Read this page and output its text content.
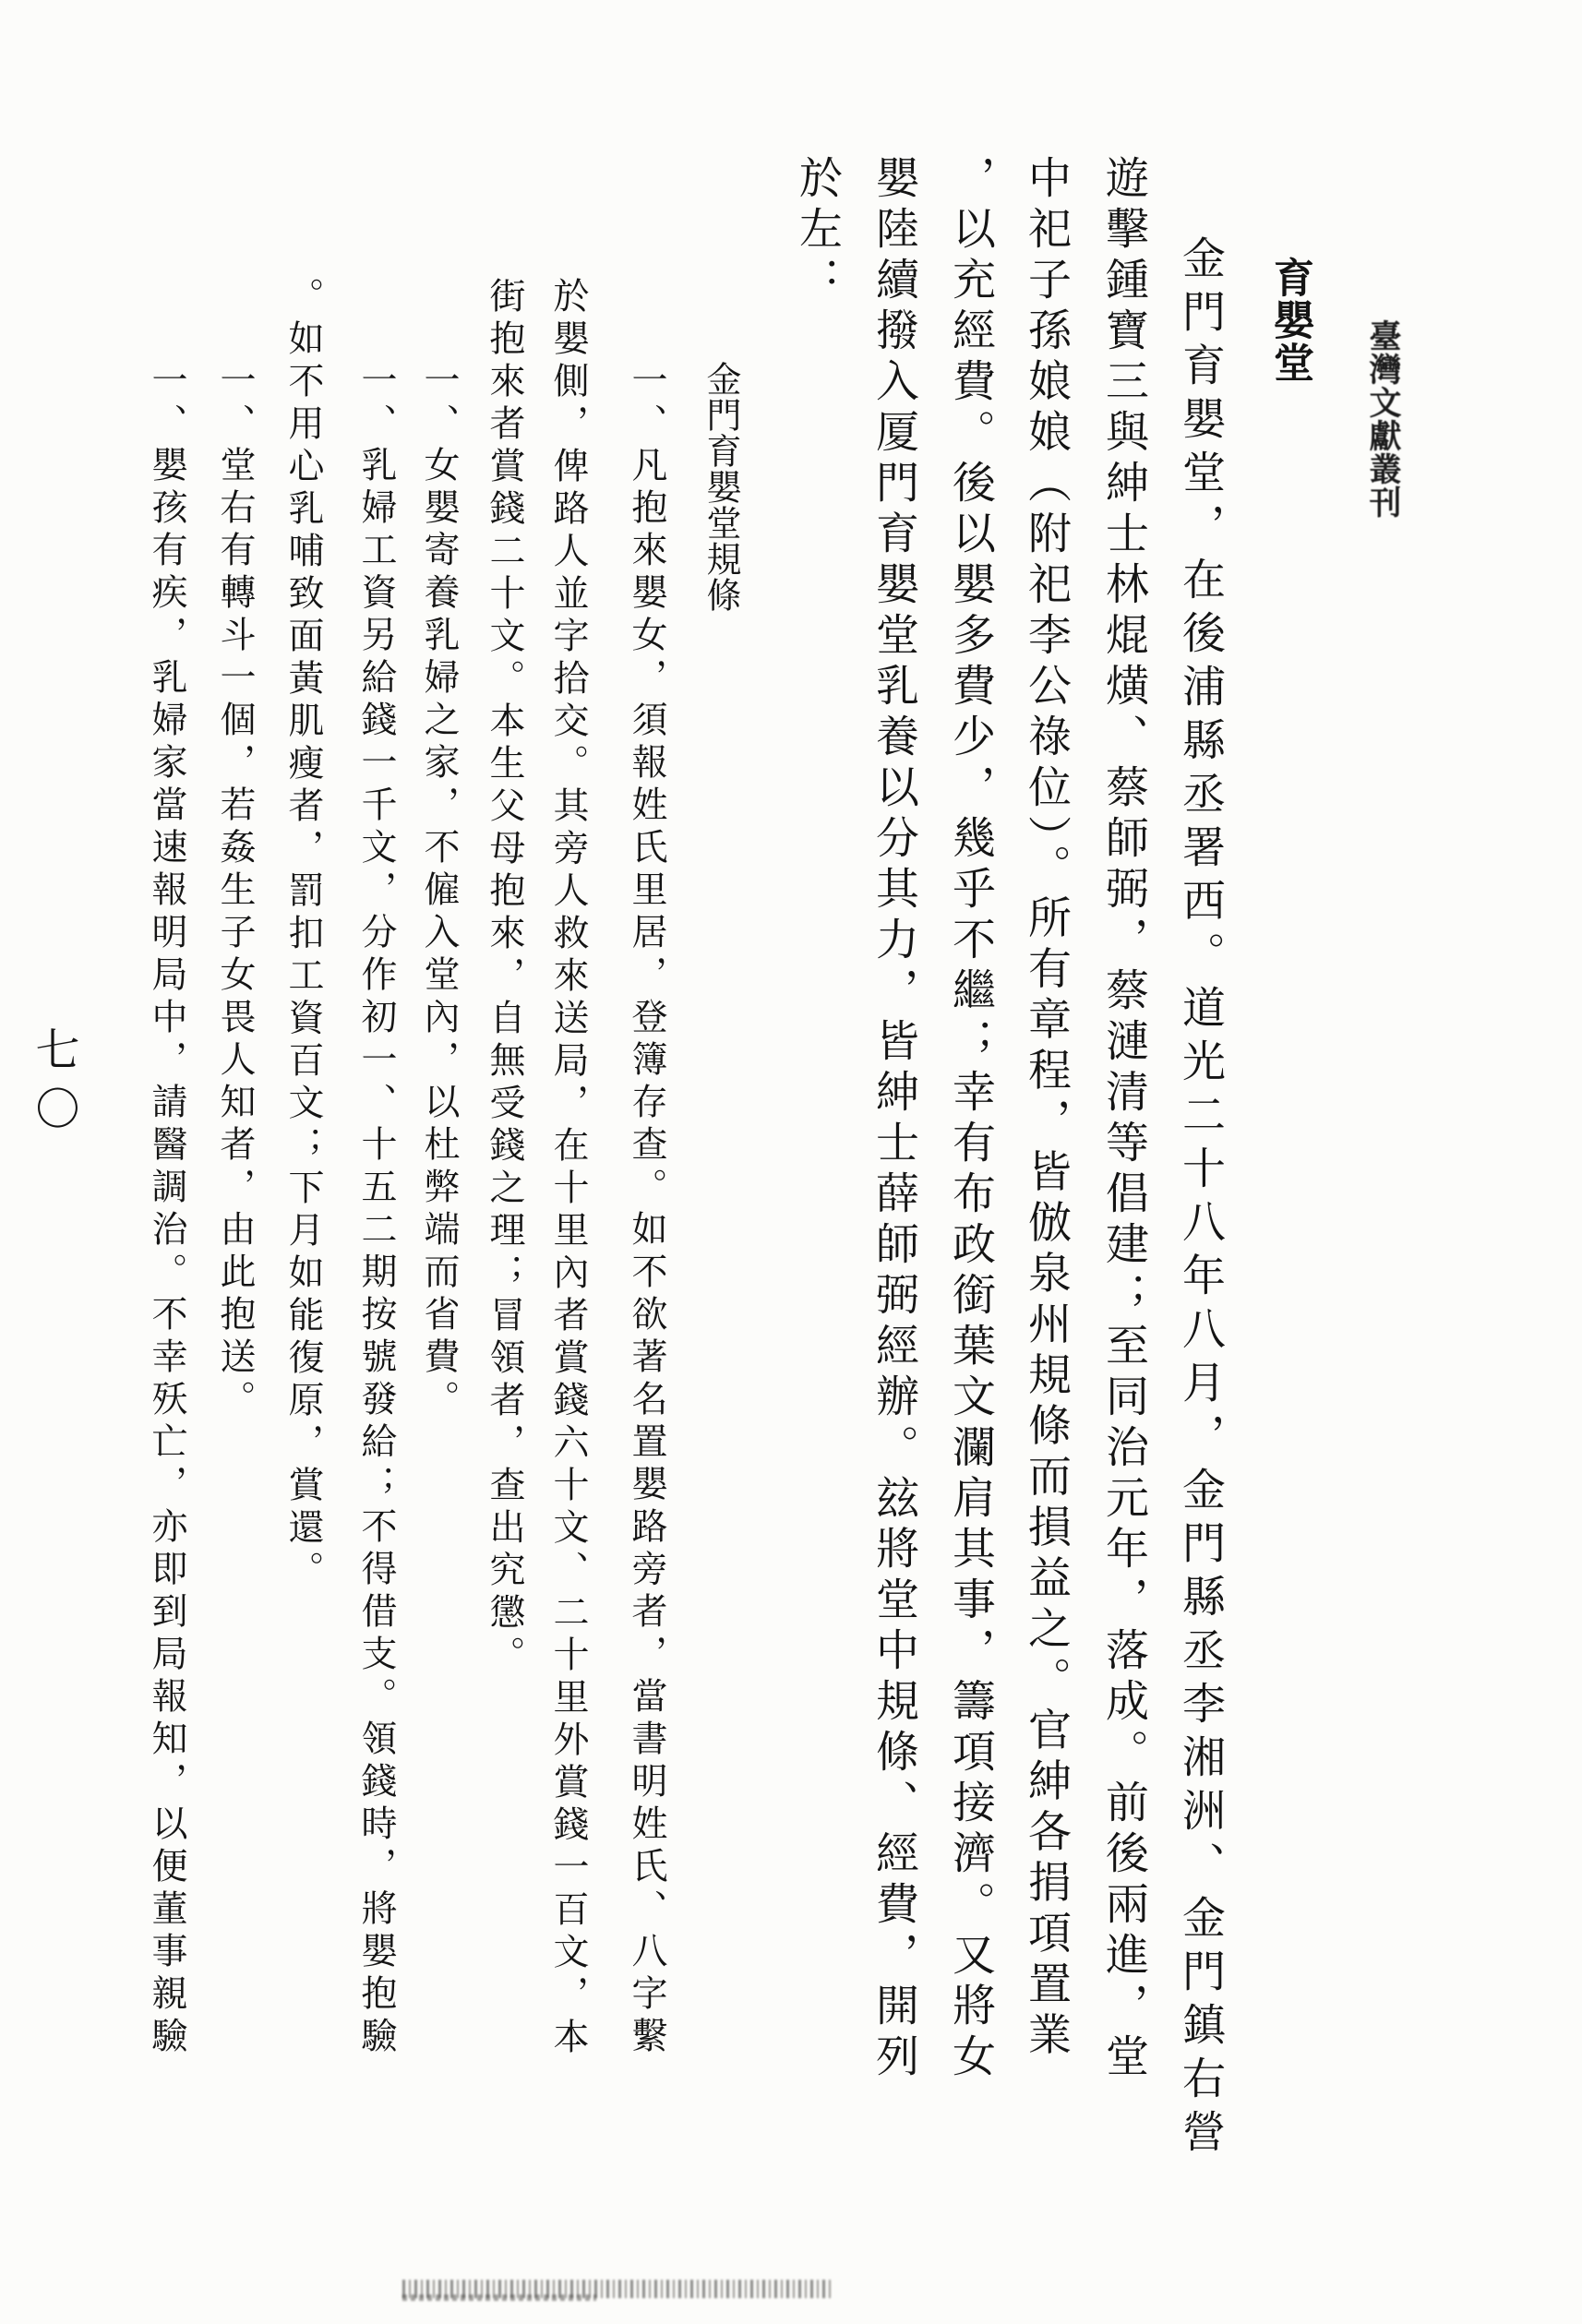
臺灣文獻叢刊
育嬰堂
金門育嬰堂，在後浦縣丞署西。道光二十八年八月，金門縣丞李湘洲、金門鎮右營
遊擊鍾寶三與紳士林焜熿、蔡師弼，蔡漣清等倡建；至同治元年，落成。前後兩進，堂
中祀子孫娘娘（附祀李公祿位）。所有章程，皆倣泉州規條而損益之。官紳各捐項置業
，以充經費。後以嬰多費少，幾乎不繼；幸有布政銜葉文瀾肩其事，籌項接濟。又將女
嬰陸續撥入厦門育嬰堂乳養以分其力，皆紳士薛師弼經辦。玆將堂中規條、經費，開列
於左：
金門育嬰堂規條
一、凡抱來嬰女，須報姓氏里居，登簿存查。如不欲著名置嬰路旁者，當書明姓氏、八字繫
於嬰側，俾路人並字拾交。其旁人救來送局，在十里內者賞錢六十文、二十里外賞錢一百文，本
街抱來者賞錢二十文。本生父母抱來，自無受錢之理；冒領者，查出究懲。
一、女嬰寄養乳婦之家，不僱入堂內，以杜弊端而省費。
一、乳婦工資另給錢一千文，分作初一、十五二期按號發給；不得借支。領錢時，將嬰抱驗
。如不用心乳哺致面黃肌瘦者，罰扣工資百文；下月如能復原，賞還。
一、堂右有轉斗一個，若姦生子女畏人知者，由此抱送。
一、嬰孩有疾，乳婦家當速報明局中，請醫調治。不幸殀亡，亦即到局報知，以便董事親驗
七〇
